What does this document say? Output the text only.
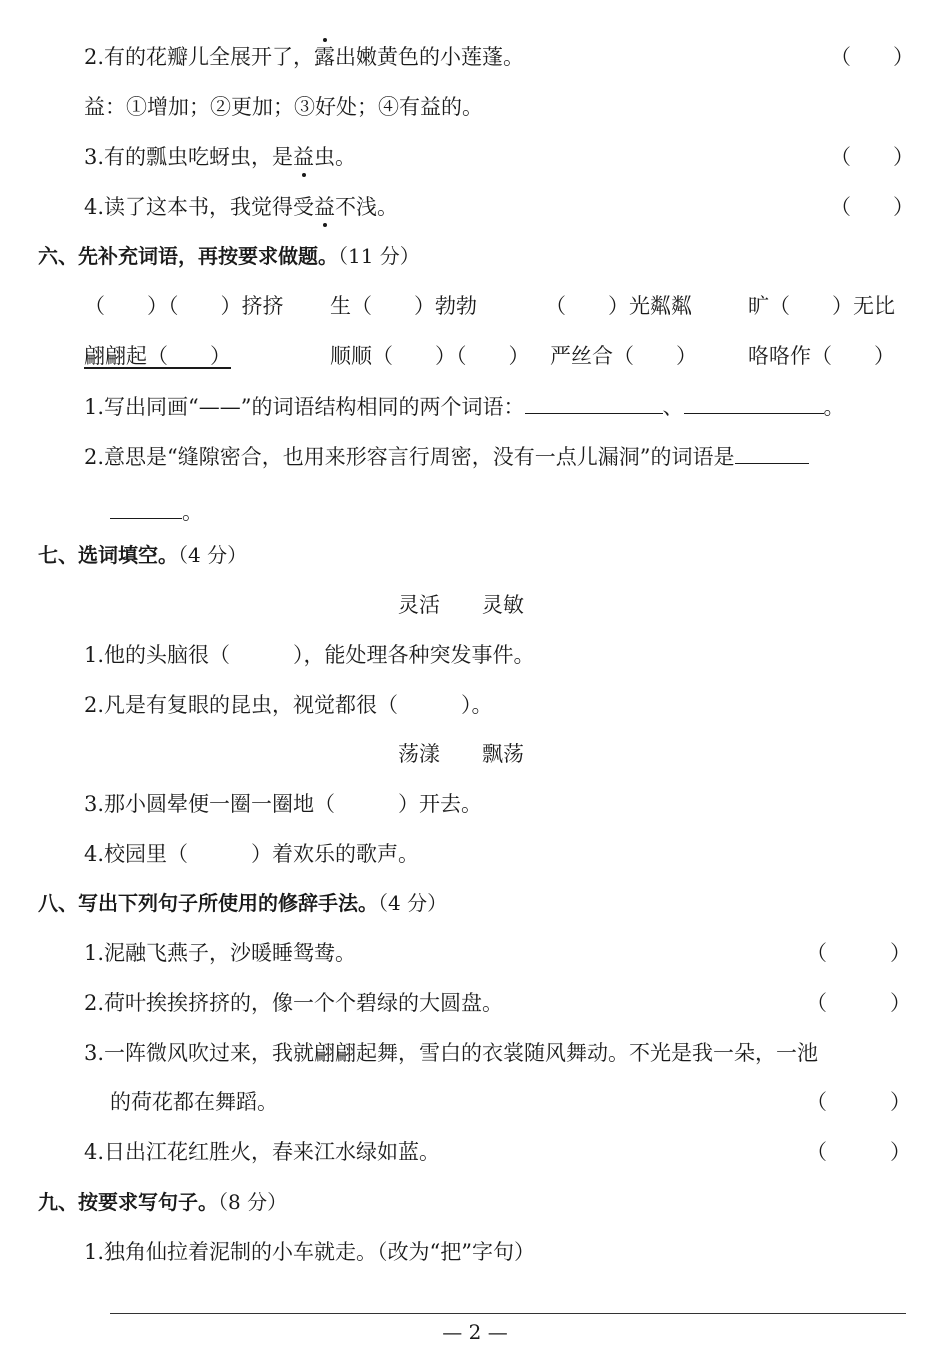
2.有的花瓣儿全展开了，露出嫩黄色的小莲蓬。	（　　）
益：①增加；②更加；③好处；④有益的。
3.有的瓢虫吃蚜虫，是益虫。	（　　）
4.读了这本书，我觉得受益不浅。	（　　）
六、先补充词语，再按要求做题。（11 分）
（　　）（　　）挤挤 生（　　）勃勃	（　　）光粼粼	旷（　　）无比
翩翩起（　　）	顺顺（　　）（　　） 严丝合（　　） 咯咯作（　　）
1.写出同画“——”的词语结构相同的两个词语：	、	。
2.意思是“缝隙密合，也用来形容言行周密，没有一点儿漏洞”的词语是
。
七、选词填空。（4 分）
灵活　　灵敏
1.他的头脑很（　　　），能处理各种突发事件。
2.凡是有复眼的昆虫，视觉都很（　　　）。
荡漾　　飘荡
3.那小圆晕便一圈一圈地（　　　）开去。
4.校园里（　　　）着欢乐的歌声。
八、写出下列句子所使用的修辞手法。（4 分）
1.泥融飞燕子，沙暖睡鸳鸯。	（　　　）
2.荷叶挨挨挤挤的，像一个个碧绿的大圆盘。	（　　　）
3.一阵微风吹过来，我就翩翩起舞，雪白的衣裳随风舞动。不光是我一朵，一池
的荷花都在舞蹈。	（　　　）
4.日出江花红胜火，春来江水绿如蓝。	（　　　）
九、按要求写句子。（8 分）
1.独角仙拉着泥制的小车就走。（改为“把”字句）
— 2 —
